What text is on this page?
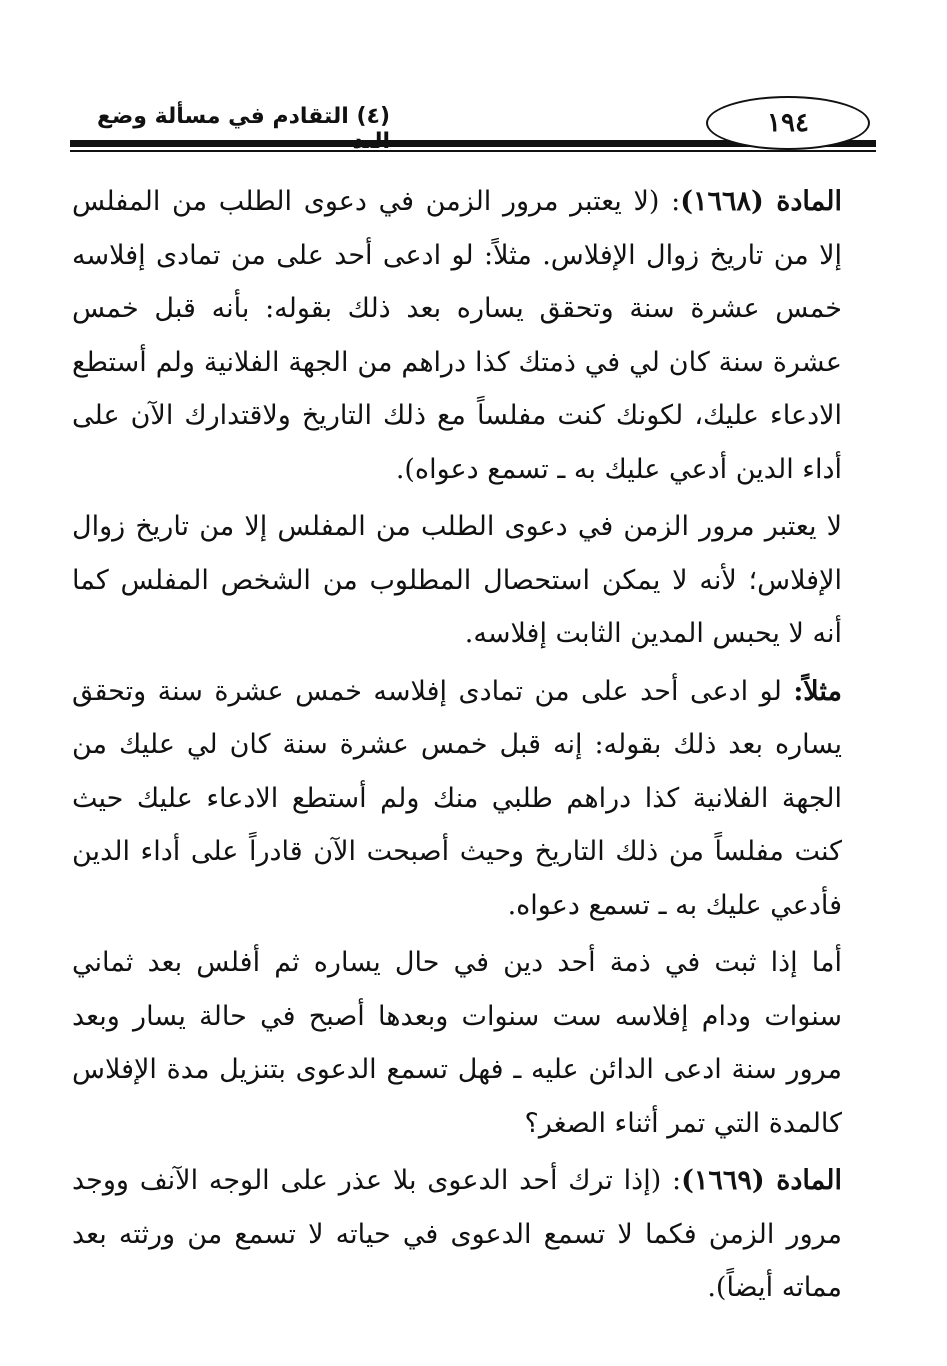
١٩٤
(٤) التقادم في مسألة وضع

المادة (١٦٦٨): (لا يعتبر مرور الزمن في دعوى الطلب من المفلس إلا من تاريخ زوال الإفلاس. مثلاً: لو ادعى أحد على من تمادى إفلاسه خمس عشرة سنة وتحقق يساره بعد ذلك بقوله: بأنه قبل خمس عشرة سنة كان لي في ذمتك كذا دراهم من الجهة الفلانية ولم أستطع الادعاء عليك، لكونك كنت مفلساً مع ذلك التاريخ ولاقتدارك الآن على أداء الدين أدعي عليك به ـ تسمع دعواه).

لا يعتبر مرور الزمن في دعوى الطلب من المفلس إلا من تاريخ زوال الإفلاس؛ لأنه لا يمكن استحصال المطلوب من الشخص المفلس كما أنه لا يحبس المدين الثابت إفلاسه.

مثلاً: لو ادعى أحد على من تمادى إفلاسه خمس عشرة سنة وتحقق يساره بعد ذلك بقوله: إنه قبل خمس عشرة سنة كان لي عليك من الجهة الفلانية كذا دراهم طلبي منك ولم أستطع الادعاء عليك حيث كنت مفلساً من ذلك التاريخ وحيث أصبحت الآن قادراً على أداء الدين فأدعي عليك به ـ تسمع دعواه.

أما إذا ثبت في ذمة أحد دين في حال يساره ثم أفلس بعد ثماني سنوات ودام إفلاسه ست سنوات وبعدها أصبح في حالة يسار وبعد مرور سنة ادعى الدائن عليه ـ فهل تسمع الدعوى بتنزيل مدة الإفلاس كالمدة التي تمر أثناء الصغر؟

المادة (١٦٦٩): (إذا ترك أحد الدعوى بلا عذر على الوجه الآنف ووجد مرور الزمن فكما لا تسمع الدعوى في حياته لا تسمع من ورثته بعد مماته أيضاً).
